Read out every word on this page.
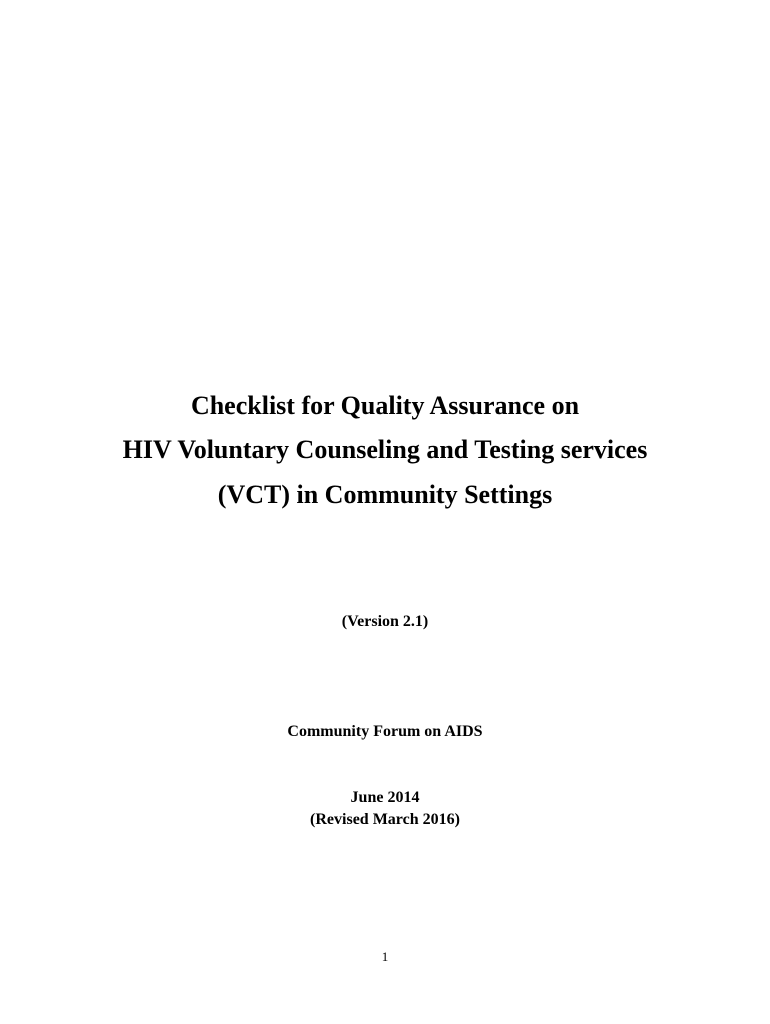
Checklist for Quality Assurance on
HIV Voluntary Counseling and Testing services
(VCT) in Community Settings
(Version 2.1)
Community Forum on AIDS
June 2014
(Revised March 2016)
1
